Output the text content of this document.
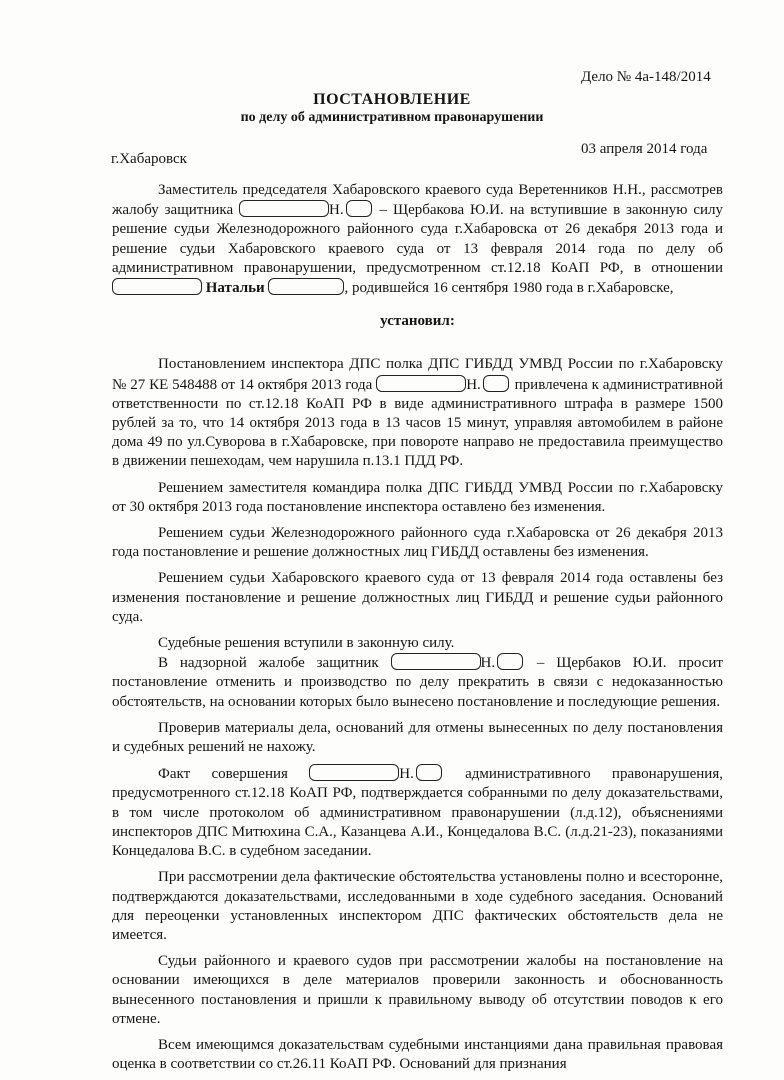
Дело № 4а-148/2014
ПОСТАНОВЛЕНИЕ
по делу об административном правонарушении
03 апреля 2014 года
г.Хабаровск

Заместитель председателя Хабаровского краевого суда Веретенников Н.Н., рассмотрев жалобу защитника	Н. – Щербакова Ю.И. на вступившие в законную силу решение судьи Железнодорожного районного суда г.Хабаровска от 26 декабря 2013 года и решение судьи Хабаровского краевого суда от 13 февраля 2014 года по делу об административном правонарушении, предусмотренном ст.12.18 КоАП РФ, в отношении  Натальи	, родившейся 16 сентября 1980 года в г.Хабаровске,

установил:

Постановлением инспектора ДПС полка ДПС ГИБДД УМВД России по г.Хабаровску № 27 КЕ 548488 от 14 октября 2013 года	Н. привлечена к административной ответственности по ст.12.18 КоАП РФ в виде административного штрафа в размере 1500 рублей за то, что 14 октября 2013 года в 13 часов 15 минут, управляя автомобилем в районе дома 49 по ул.Суворова в г.Хабаровске, при повороте направо не предоставила преимущество в движении пешеходам, чем нарушила п.13.1 ПДД РФ.

Решением заместителя командира полка ДПС ГИБДД УМВД России по г.Хабаровску от 30 октября 2013 года постановление инспектора оставлено без изменения.

Решением судьи Железнодорожного районного суда г.Хабаровска от 26 декабря 2013 года постановление и решение должностных лиц ГИБДД оставлены без изменения.

Решением судьи Хабаровского краевого суда от 13 февраля 2014 года оставлены без изменения постановление и решение должностных лиц ГИБДД и решение судьи районного суда.

Судебные решения вступили в законную силу.

В надзорной жалобе защитник	Н.	– Щербаков Ю.И. просит постановление отменить и производство по делу прекратить в связи с недоказанностью обстоятельств, на основании которых было вынесено постановление и последующие решения.

Проверив материалы дела, оснований для отмены вынесенных по делу постановления и судебных решений не нахожу.

Факт совершения	Н.	административного правонарушения, предусмотренного ст.12.18 КоАП РФ, подтверждается собранными по делу доказательствами, в том числе протоколом об административном правонарушении (л.д.12), объяснениями инспекторов ДПС Митюхина С.А., Казанцева А.И., Концедалова В.С. (л.д.21-23), показаниями Концедалова В.С. в судебном заседании.

При рассмотрении дела фактические обстоятельства установлены полно и всесторонне, подтверждаются доказательствами, исследованными в ходе судебного заседания. Оснований для переоценки установленных инспектором ДПС фактических обстоятельств дела не имеется.

Судьи районного и краевого судов при рассмотрении жалобы на постановление на основании имеющихся в деле материалов проверили законность и обоснованность вынесенного постановления и пришли к правильному выводу об отсутствии поводов к его отмене.

Всем имеющимся доказательствам судебными инстанциями дана правильная правовая оценка в соответствии со ст.26.11 КоАП РФ. Оснований для признания
